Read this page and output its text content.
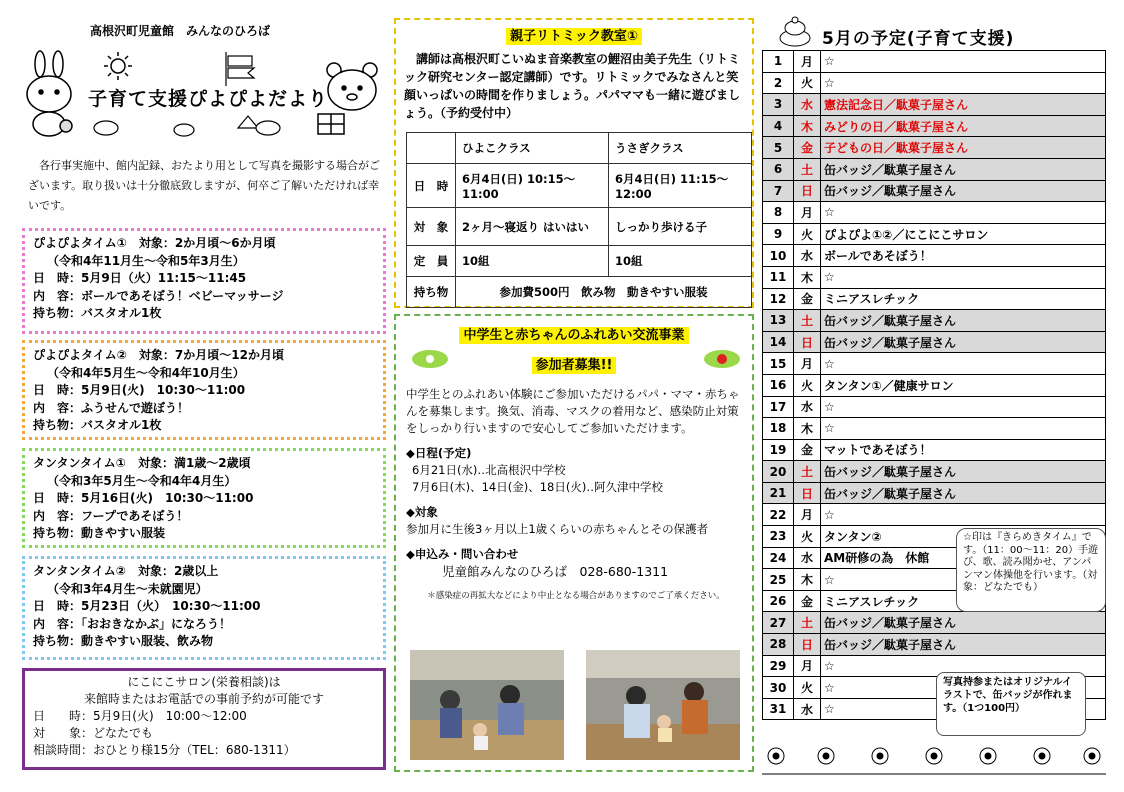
高根沢町児童館　みんなのひろば
子育て支援ぴよぴよだより
各行事実施中、館内記録、おたより用として写真を撮影する場合がございます。取り扱いは十分徹底致しますが、何卒ご了解いただければ幸いです。
ぴよぴよタイム①　対象：2か月頃～6か月頃
（令和4年11月生～令和5年3月生）
日　時：5月9日（火）11:15～11:45
内　容：ボールであそぼう！ベビーマッサージ
持ち物：バスタオル1枚
ぴよぴよタイム②　対象：7か月頃～12か月頃
（令和4年5月生～令和4年10月生）
日　時：5月9日(火)　10:30～11:00
内　容：ふうせんで遊ぼう！
持ち物：バスタオル1枚
タンタンタイム①　対象：満1歳～2歳頃
（令和3年5月生～令和4年4月生）
日　時：5月16日(火)　10:30～11:00
内　容：フープであそぼう！
持ち物：動きやすい服装
タンタンタイム②　対象：2歳以上
（令和3年4月生～未就園児）
日　時：5月23日（火）　10:30～11:00
内　容：「おおきなかぶ」になろう！
持ち物：動きやすい服装、飲み物
にこにこサロン(栄養相談)は
来館時またはお電話での事前予約が可能です
日　　時：5月9日(火)　10:00～12:00
対　　象：どなたでも
相談時間：おひとり様15分（TEL：680-1311）
親子リトミック教室①
講師は高根沢町こいぬま音楽教室の鯉沼由美子先生（リトミック研究センター認定講師）です。リトミックでみなさんと笑顔いっぱいの時間を作りましょう。パパママも一緒に遊びましょう。（予約受付中）
	ひよこクラス	うさぎクラス
日　時	6月4日(日) 10:15～11:00	6月4日(日) 11:15～12:00
対　象	2ヶ月～寝返り はいはい	しっかり歩ける子
定　員	10組	10組
持ち物	参加費500円　飲み物　動きやすい服装	
中学生と赤ちゃんのふれあい交流事業
参加者募集!!
中学生とのふれあい体験にご参加いただけるパパ・ママ・赤ちゃんを募集します。換気、消毒、マスクの着用など、感染防止対策をしっかり行いますので安心してご参加いただけます。
◆日程(予定)
6月21日(水)‥北高根沢中学校
7月6日(木)、14日(金)、18日(火)‥阿久津中学校
◆対象
参加月に生後3ヶ月以上1歳くらいの赤ちゃんとその保護者
◆申込み・問い合わせ
児童館みんなのひろば　028-680-1311
＊感染症の再拡大などにより中止となる場合がありますのでご了承ください。
5月の予定(子育て支援)
1	月	☆
2	火	☆
3	水	憲法記念日／駄菓子屋さん
4	木	みどりの日／駄菓子屋さん
5	金	子どもの日／駄菓子屋さん
6	土	缶バッジ／駄菓子屋さん
7	日	缶バッジ／駄菓子屋さん
8	月	☆
9	火	ぴよぴよ①②／にこにこサロン
10	水	ボールであそぼう！
11	木	☆
12	金	ミニアスレチック
13	土	缶バッジ／駄菓子屋さん
14	日	缶バッジ／駄菓子屋さん
15	月	☆
16	火	タンタン①／健康サロン
17	水	☆
18	木	☆
19	金	マットであそぼう！
20	土	缶バッジ／駄菓子屋さん
21	日	缶バッジ／駄菓子屋さん
22	月	☆
23	火	タンタン②
24	水	AM研修の為　休館
25	木	☆
26	金	ミニアスレチック
27	土	缶バッジ／駄菓子屋さん
28	日	缶バッジ／駄菓子屋さん
29	月	☆
30	火	☆
31	水	☆
☆印は『きらめきタイム』です。（11：00～11：20）手遊び、歌、読み聞かせ、アンパンマン体操他を行います。（対象：どなたでも）
写真持参またはオリジナルイラストで、缶バッジが作れます。（1つ100円）
